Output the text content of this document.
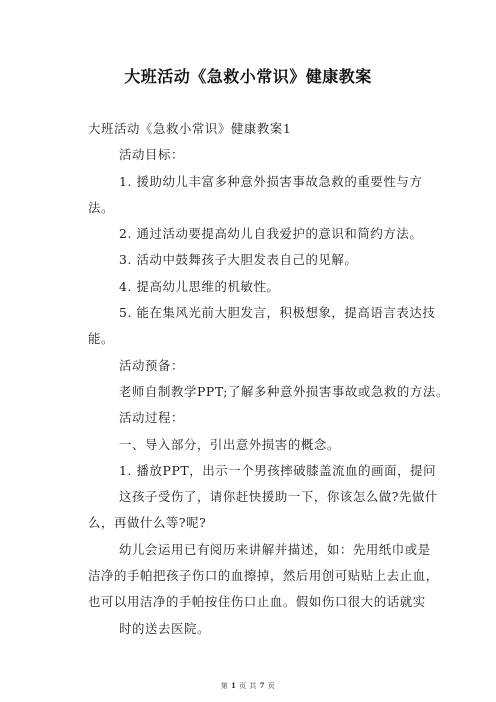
大班活动《急救小常识》健康教案
大班活动《急救小常识》健康教案1
活动目标：
1. 援助幼儿丰富多种意外损害事故急救的重要性与方
法。
2. 通过活动要提高幼儿自我爱护的意识和简约方法。
3. 活动中鼓舞孩子大胆发表自己的见解。
4. 提高幼儿思维的机敏性。
5. 能在集风光前大胆发言，积极想象，提高语言表达技
能。
活动预备：
老师自制教学PPT;了解多种意外损害事故或急救的方法。
活动过程：
一、导入部分，引出意外损害的概念。
1. 播放PPT，出示一个男孩摔破膝盖流血的画面，提问
这孩子受伤了，请你赶快援助一下，你该怎么做?先做什
么，再做什么等?呢?
幼儿会运用已有阅历来讲解并描述，如：先用纸巾或是
洁净的手帕把孩子伤口的血擦掉，然后用创可贴贴上去止血，
也可以用洁净的手帕按住伤口止血。假如伤口很大的话就实
时的送去医院。
第 1 页 共 7 页
